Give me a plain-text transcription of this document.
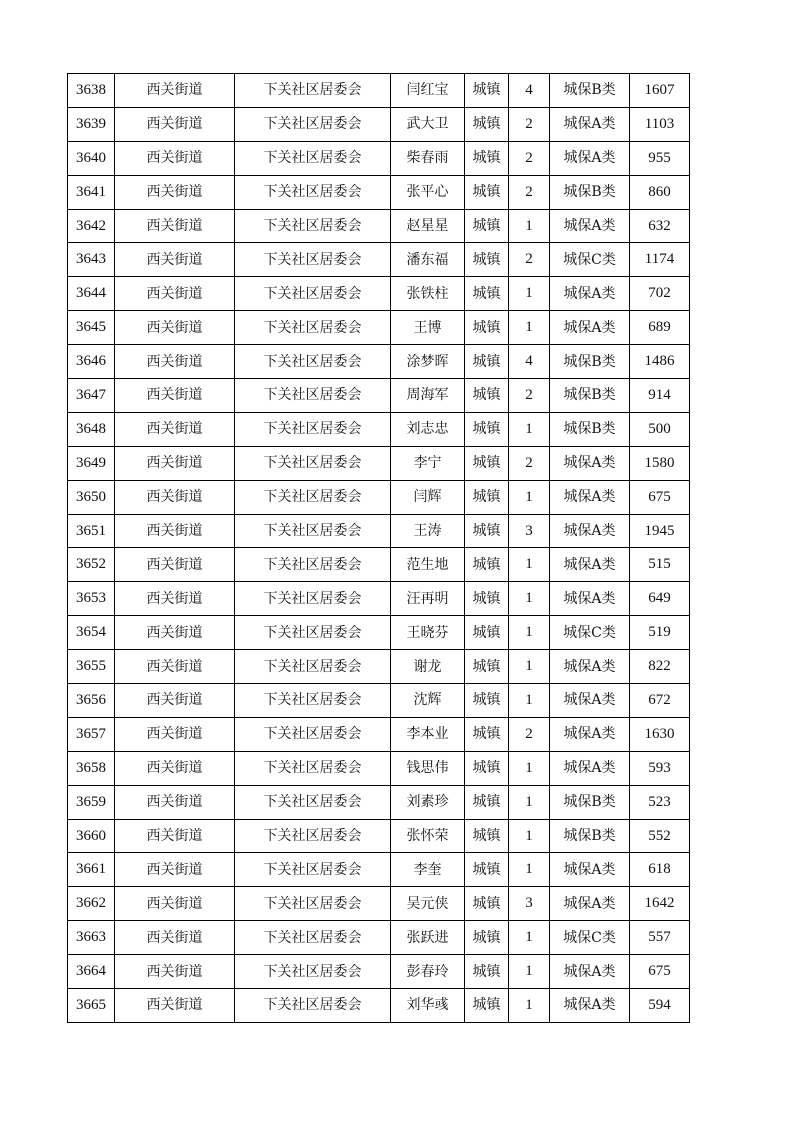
3638	西关街道	下关社区居委会	闫红宝	城镇	4	城保B类	1607
3639	西关街道	下关社区居委会	武大卫	城镇	2	城保A类	1103
3640	西关街道	下关社区居委会	柴春雨	城镇	2	城保A类	955
3641	西关街道	下关社区居委会	张平心	城镇	2	城保B类	860
3642	西关街道	下关社区居委会	赵星星	城镇	1	城保A类	632
3643	西关街道	下关社区居委会	潘东福	城镇	2	城保C类	1174
3644	西关街道	下关社区居委会	张铁柱	城镇	1	城保A类	702
3645	西关街道	下关社区居委会	王博	城镇	1	城保A类	689
3646	西关街道	下关社区居委会	涂梦晖	城镇	4	城保B类	1486
3647	西关街道	下关社区居委会	周海军	城镇	2	城保B类	914
3648	西关街道	下关社区居委会	刘志忠	城镇	1	城保B类	500
3649	西关街道	下关社区居委会	李宁	城镇	2	城保A类	1580
3650	西关街道	下关社区居委会	闫辉	城镇	1	城保A类	675
3651	西关街道	下关社区居委会	王涛	城镇	3	城保A类	1945
3652	西关街道	下关社区居委会	范生地	城镇	1	城保A类	515
3653	西关街道	下关社区居委会	汪再明	城镇	1	城保A类	649
3654	西关街道	下关社区居委会	王晓芬	城镇	1	城保C类	519
3655	西关街道	下关社区居委会	谢龙	城镇	1	城保A类	822
3656	西关街道	下关社区居委会	沈辉	城镇	1	城保A类	672
3657	西关街道	下关社区居委会	李本业	城镇	2	城保A类	1630
3658	西关街道	下关社区居委会	钱思伟	城镇	1	城保A类	593
3659	西关街道	下关社区居委会	刘素珍	城镇	1	城保B类	523
3660	西关街道	下关社区居委会	张怀荣	城镇	1	城保B类	552
3661	西关街道	下关社区居委会	李奎	城镇	1	城保A类	618
3662	西关街道	下关社区居委会	吴元侠	城镇	3	城保A类	1642
3663	西关街道	下关社区居委会	张跃进	城镇	1	城保C类	557
3664	西关街道	下关社区居委会	彭春玲	城镇	1	城保A类	675
3665	西关街道	下关社区居委会	刘华彧	城镇	1	城保A类	594
